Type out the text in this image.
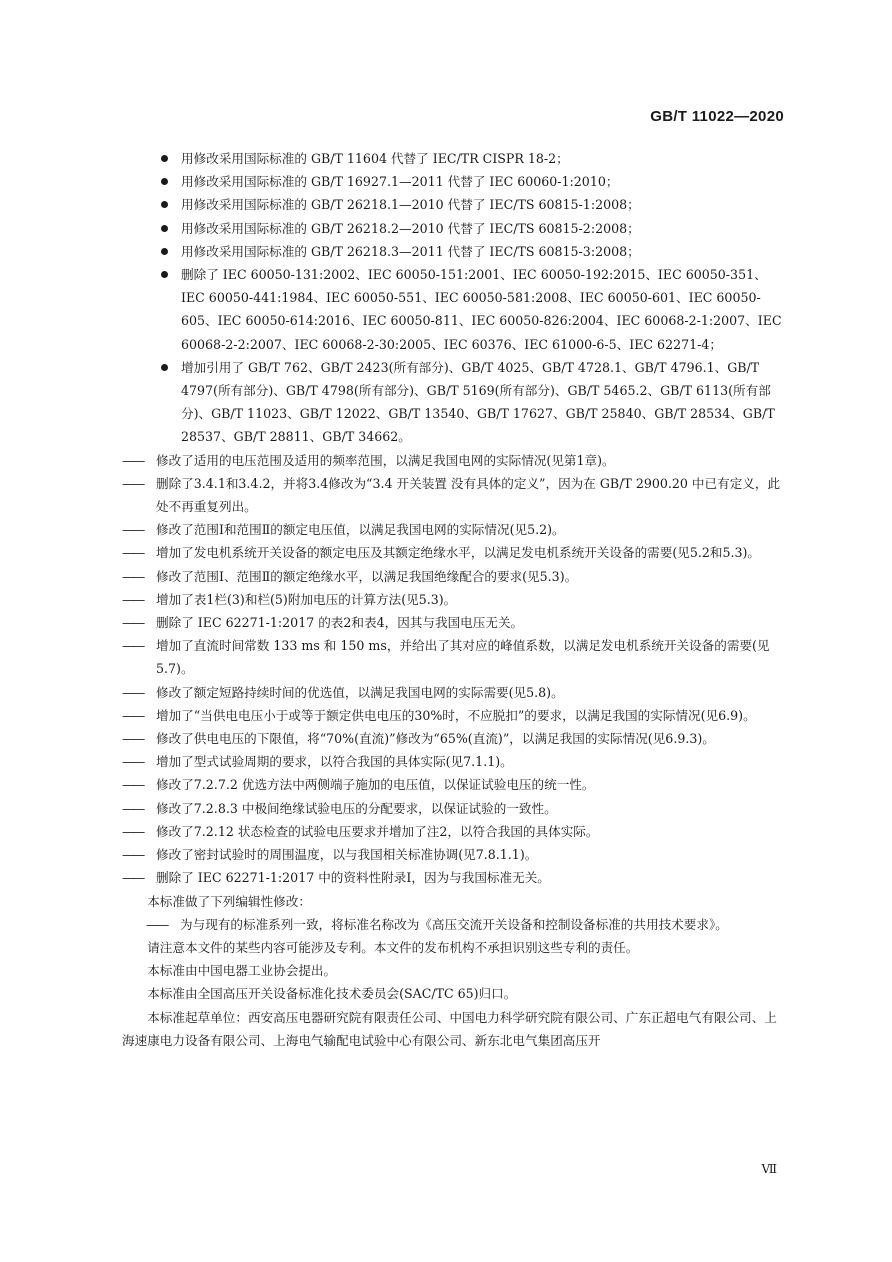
GB/T 11022—2020
用修改采用国际标准的 GB/T 11604 代替了 IEC/TR CISPR 18-2；
用修改采用国际标准的 GB/T 16927.1—2011 代替了 IEC 60060-1:2010；
用修改采用国际标准的 GB/T 26218.1—2010 代替了 IEC/TS 60815-1:2008；
用修改采用国际标准的 GB/T 26218.2—2010 代替了 IEC/TS 60815-2:2008；
用修改采用国际标准的 GB/T 26218.3—2011 代替了 IEC/TS 60815-3:2008；
删除了 IEC 60050-131:2002、IEC 60050-151:2001、IEC 60050-192:2015、IEC 60050-351、IEC 60050-441:1984、IEC 60050-551、IEC 60050-581:2008、IEC 60050-601、IEC 60050-605、IEC 60050-614:2016、IEC 60050-811、IEC 60050-826:2004、IEC 60068-2-1:2007、IEC 60068-2-2:2007、IEC 60068-2-30:2005、IEC 60376、IEC 61000-6-5、IEC 62271-4；
增加引用了 GB/T 762、GB/T 2423(所有部分)、GB/T 4025、GB/T 4728.1、GB/T 4796.1、GB/T 4797(所有部分)、GB/T 4798(所有部分)、GB/T 5169(所有部分)、GB/T 5465.2、GB/T 6113(所有部分)、GB/T 11023、GB/T 12022、GB/T 13540、GB/T 17627、GB/T 25840、GB/T 28534、GB/T 28537、GB/T 28811、GB/T 34662。
—— 修改了适用的电压范围及适用的频率范围，以满足我国电网的实际情况(见第1章)。
—— 删除了3.4.1和3.4.2，并将3.4修改为“3.4 开关装置 没有具体的定义”，因为在 GB/T 2900.20 中已有定义，此处不再重复列出。
—— 修改了范围Ⅰ和范围Ⅱ的额定电压值，以满足我国电网的实际情况(见5.2)。
—— 增加了发电机系统开关设备的额定电压及其额定绝缘水平，以满足发电机系统开关设备的需要(见5.2和5.3)。
—— 修改了范围Ⅰ、范围Ⅱ的额定绝缘水平，以满足我国绝缘配合的要求(见5.3)。
—— 增加了表1栏(3)和栏(5)附加电压的计算方法(见5.3)。
—— 删除了 IEC 62271-1:2017 的表2和表4，因其与我国电压无关。
—— 增加了直流时间常数 133 ms 和 150 ms，并给出了其对应的峰值系数，以满足发电机系统开关设备的需要(见5.7)。
—— 修改了额定短路持续时间的优选值，以满足我国电网的实际需要(见5.8)。
—— 增加了“当供电电压小于或等于额定供电电压的30%时，不应脱扣”的要求，以满足我国的实际情况(见6.9)。
—— 修改了供电电压的下限值，将“70%(直流)”修改为“65%(直流)”，以满足我国的实际情况(见6.9.3)。
—— 增加了型式试验周期的要求，以符合我国的具体实际(见7.1.1)。
—— 修改了7.2.7.2 优选方法中两侧端子施加的电压值，以保证试验电压的统一性。
—— 修改了7.2.8.3 中极间绝缘试验电压的分配要求，以保证试验的一致性。
—— 修改了7.2.12 状态检查的试验电压要求并增加了注2，以符合我国的具体实际。
—— 修改了密封试验时的周围温度，以与我国相关标准协调(见7.8.1.1)。
—— 删除了 IEC 62271-1:2017 中的资料性附录I，因为与我国标准无关。
本标准做了下列编辑性修改：
—— 为与现有的标准系列一致，将标准名称改为《高压交流开关设备和控制设备标准的共用技术要求》。
请注意本文件的某些内容可能涉及专利。本文件的发布机构不承担识别这些专利的责任。
本标准由中国电器工业协会提出。
本标准由全国高压开关设备标准化技术委员会(SAC/TC 65)归口。
本标准起草单位：西安高压电器研究院有限责任公司、中国电力科学研究院有限公司、广东正超电气有限公司、上海速康电力设备有限公司、上海电气输配电试验中心有限公司、新东北电气集团高压开
Ⅶ
